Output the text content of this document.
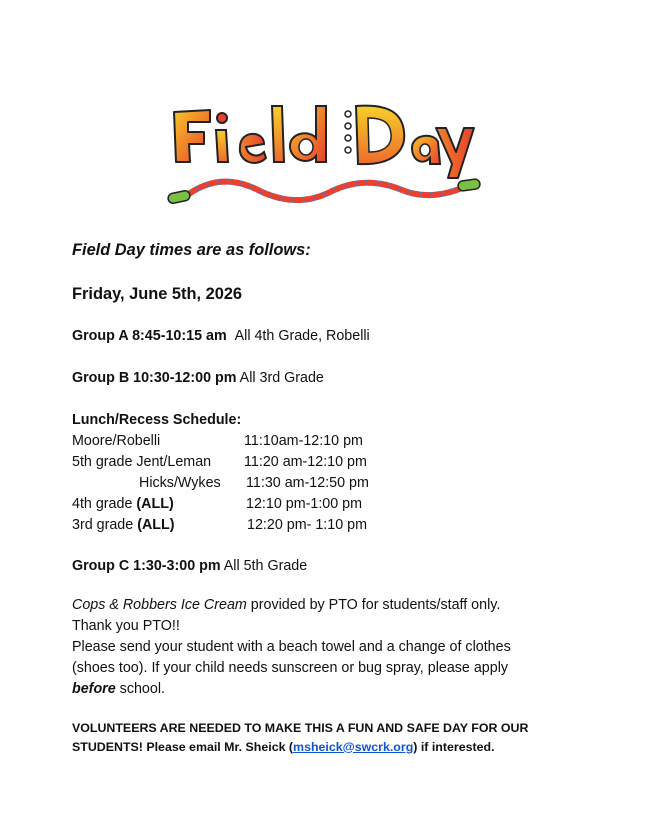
Field Day times are as follows:
Friday, June 5th, 2026
Group A 8:45-10:15 am All 4th Grade, Robelli
Group B 10:30-12:00 pm All 3rd Grade
Lunch/Recess Schedule:
Moore/Robelli	11:10am-12:10 pm
5th grade Jent/Leman 11:20 am-12:10 pm
Hicks/Wykes 11:30 am-12:50 pm
4th grade (ALL)	12:10 pm-1:00 pm
3rd grade (ALL)	12:20 pm- 1:10 pm
Group C 1:30-3:00 pm All 5th Grade
Cops & Robbers Ice Cream provided by PTO for students/staff only.
Thank you PTO!!
Please send your student with a beach towel and a change of clothes
(shoes too). If your child needs sunscreen or bug spray, please apply
before school.
VOLUNTEERS ARE NEEDED TO MAKE THIS A FUN AND SAFE DAY FOR OUR
STUDENTS! Please email Mr. Sheick (msheick@swcrk.org) if interested.
